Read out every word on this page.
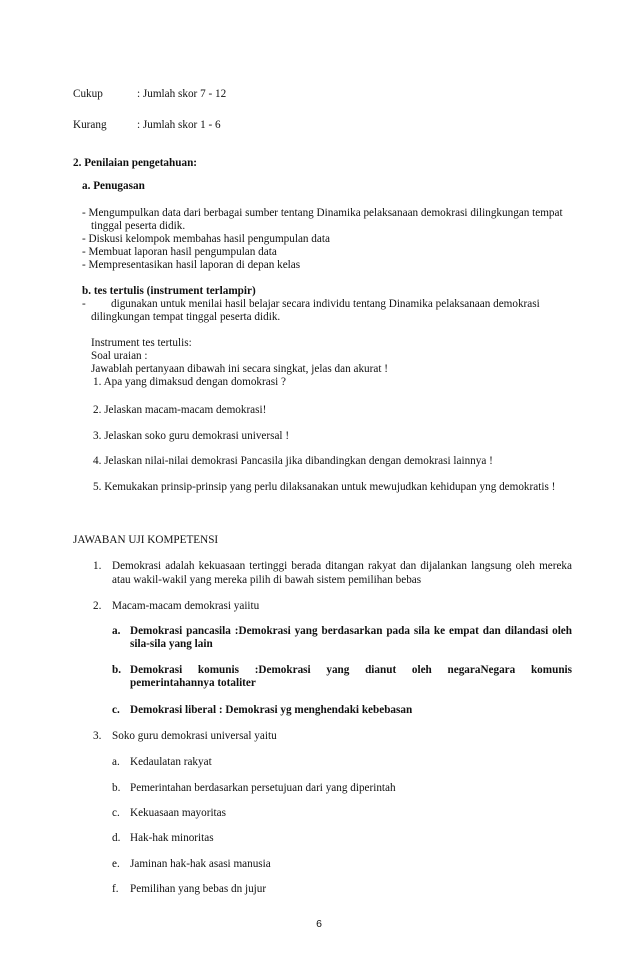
Cukup	: Jumlah skor 7 - 12
Kurang	: Jumlah skor 1 - 6
2. Penilaian pengetahuan:
a. Penugasan
- Mengumpulkan data dari berbagai sumber tentang Dinamika pelaksanaan demokrasi dilingkungan tempat
tinggal peserta didik.
- Diskusi kelompok membahas hasil pengumpulan data
- Membuat laporan hasil pengumpulan data
- Mempresentasikan hasil laporan di depan kelas
b. tes tertulis (instrument terlampir)
- digunakan untuk menilai hasil belajar secara individu tentang Dinamika pelaksanaan demokrasi
dilingkungan tempat tinggal peserta didik.
Instrument tes tertulis:
Soal uraian :
Jawablah pertanyaan dibawah ini secara singkat, jelas dan akurat !
1. Apa yang dimaksud dengan domokrasi ?
2. Jelaskan macam-macam demokrasi!
3. Jelaskan soko guru demokrasi universal !
4. Jelaskan nilai-nilai demokrasi Pancasila jika dibandingkan dengan demokrasi lainnya !
5. Kemukakan prinsip-prinsip yang perlu dilaksanakan untuk mewujudkan kehidupan yng demokratis !
JAWABAN UJI KOMPETENSI
1. Demokrasi adalah kekuasaan tertinggi berada ditangan rakyat dan dijalankan langsung oleh mereka
atau wakil-wakil yang mereka pilih di bawah sistem pemilihan bebas
2. Macam-macam demokrasi yaiitu
a. Demokrasi pancasila :Demokrasi yang berdasarkan pada sila ke empat dan dilandasi oleh
sila-sila yang lain
b. Demokrasi komunis :Demokrasi yang dianut oleh negaraNegara komunis
pemerintahannya totaliter
c. Demokrasi liberal : Demokrasi yg menghendaki kebebasan
3. Soko guru demokrasi universal yaitu
a. Kedaulatan rakyat
b. Pemerintahan berdasarkan persetujuan dari yang diperintah
c. Kekuasaan mayoritas
d. Hak-hak minoritas
e. Jaminan hak-hak asasi manusia
f. Pemilihan yang bebas dn jujur
6
